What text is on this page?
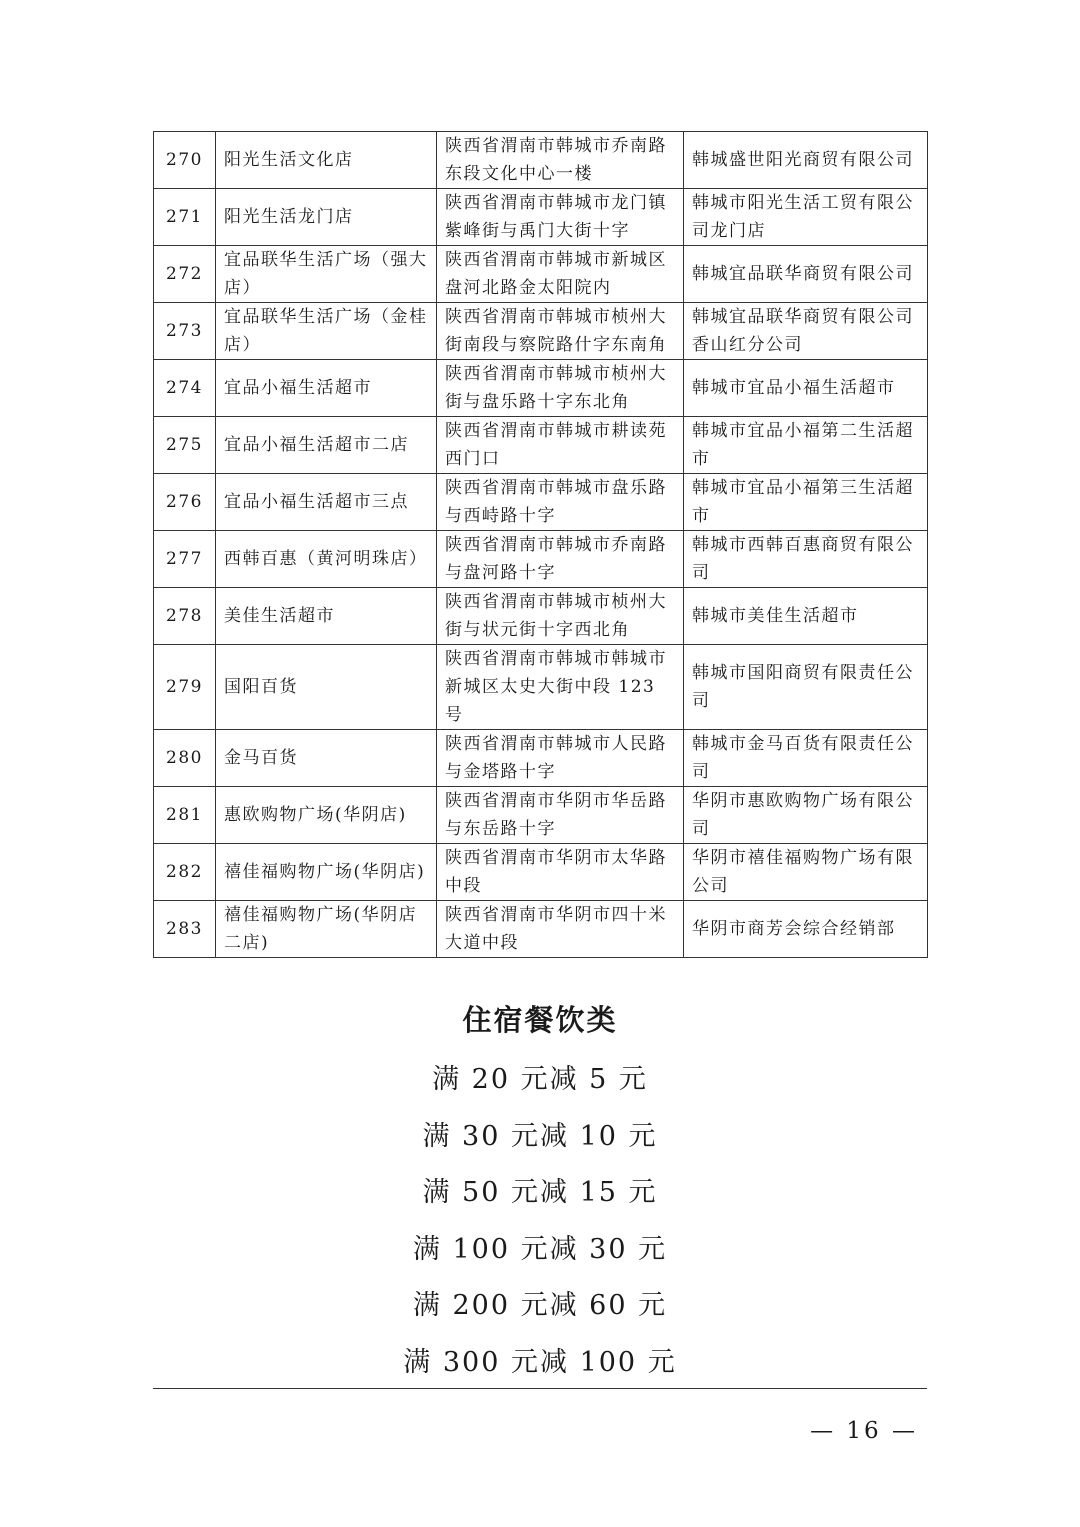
270	阳光生活文化店	陕西省渭南市韩城市乔南路东段文化中心一楼	韩城盛世阳光商贸有限公司
271	阳光生活龙门店	陕西省渭南市韩城市龙门镇紫峰街与禹门大街十字	韩城市阳光生活工贸有限公司龙门店
272	宜品联华生活广场（强大店）	陕西省渭南市韩城市新城区盘河北路金太阳院内	韩城宜品联华商贸有限公司
273	宜品联华生活广场（金桂店）	陕西省渭南市韩城市桢州大街南段与察院路什字东南角	韩城宜品联华商贸有限公司香山红分公司
274	宜品小福生活超市	陕西省渭南市韩城市桢州大街与盘乐路十字东北角	韩城市宜品小福生活超市
275	宜品小福生活超市二店	陕西省渭南市韩城市耕读苑西门口	韩城市宜品小福第二生活超市
276	宜品小福生活超市三点	陕西省渭南市韩城市盘乐路与西峙路十字	韩城市宜品小福第三生活超市
277	西韩百惠（黄河明珠店）	陕西省渭南市韩城市乔南路与盘河路十字	韩城市西韩百惠商贸有限公司
278	美佳生活超市	陕西省渭南市韩城市桢州大街与状元街十字西北角	韩城市美佳生活超市
279	国阳百货	陕西省渭南市韩城市韩城市新城区太史大街中段 123 号	韩城市国阳商贸有限责任公司
280	金马百货	陕西省渭南市韩城市人民路与金塔路十字	韩城市金马百货有限责任公司
281	惠欧购物广场(华阴店)	陕西省渭南市华阴市华岳路与东岳路十字	华阴市惠欧购物广场有限公司
282	禧佳福购物广场(华阴店)	陕西省渭南市华阴市太华路中段	华阴市禧佳福购物广场有限公司
283	禧佳福购物广场(华阴店二店)	陕西省渭南市华阴市四十米大道中段	华阴市商芳会综合经销部
住宿餐饮类
满 20 元减 5 元
满 30 元减 10 元
满 50 元减 15 元
满 100 元减 30 元
满 200 元减 60 元
满 300 元减 100 元
— 16 —
